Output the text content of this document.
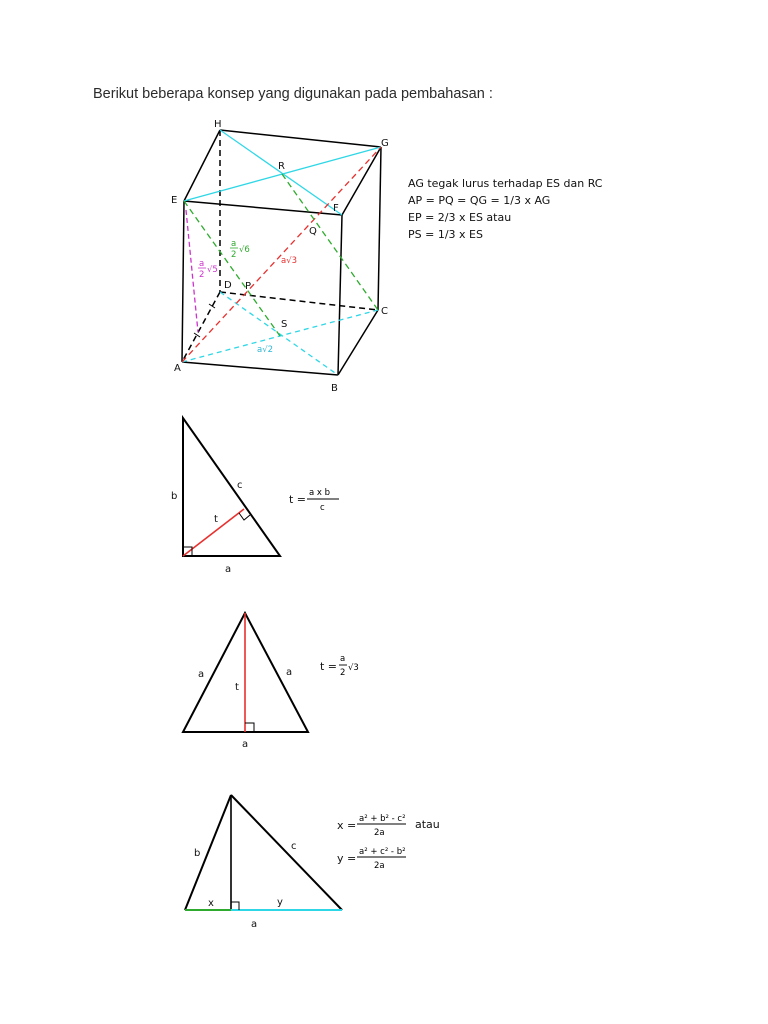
Berikut beberapa konsep yang digunakan pada pembahasan :
H
G
E
F
D
C
A
B
R
Q
P
S
a
2 √6
a
2 √5
a√3
a√2
AG tegak lurus terhadap ES dan RC
AP = PQ = QG = 1/3 x AG
EP = 2/3 x ES atau
PS = 1/3 x ES
b
c
t
a
t = a x b
c
a	a
t
a
t =
a
2 √3
b
c
x	y
a
x = a² + b² - c²
2a
atau
y = a² + c² - b²
2a
